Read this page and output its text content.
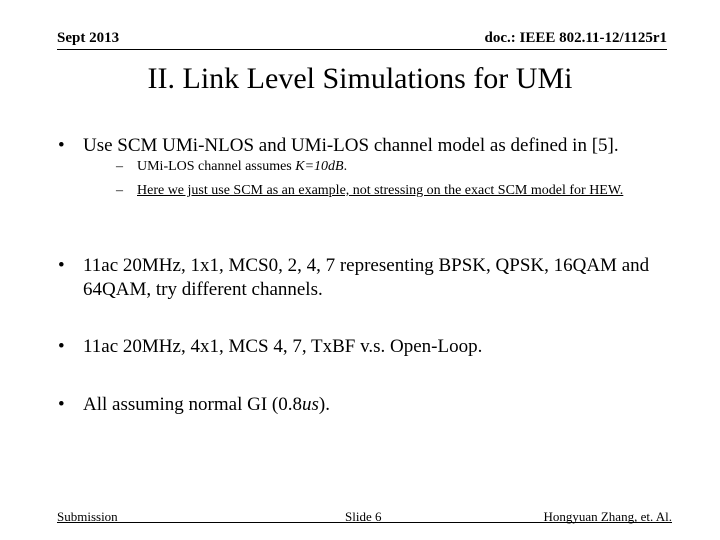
Sept 2013	doc.: IEEE 802.11-12/1125r1
II. Link Level Simulations for UMi
• Use SCM UMi-NLOS and UMi-LOS channel model as defined in [5].
– UMi-LOS channel assumes K=10dB.
– Here we just use SCM as an example, not stressing on the exact SCM model for HEW.
• 11ac 20MHz, 1x1, MCS0, 2, 4, 7 representing BPSK, QPSK, 16QAM and 64QAM, try different channels.
• 11ac 20MHz, 4x1, MCS 4, 7, TxBF v.s. Open-Loop.
• All assuming normal GI (0.8us).
Submission	Slide 6	Hongyuan Zhang, et. Al.
